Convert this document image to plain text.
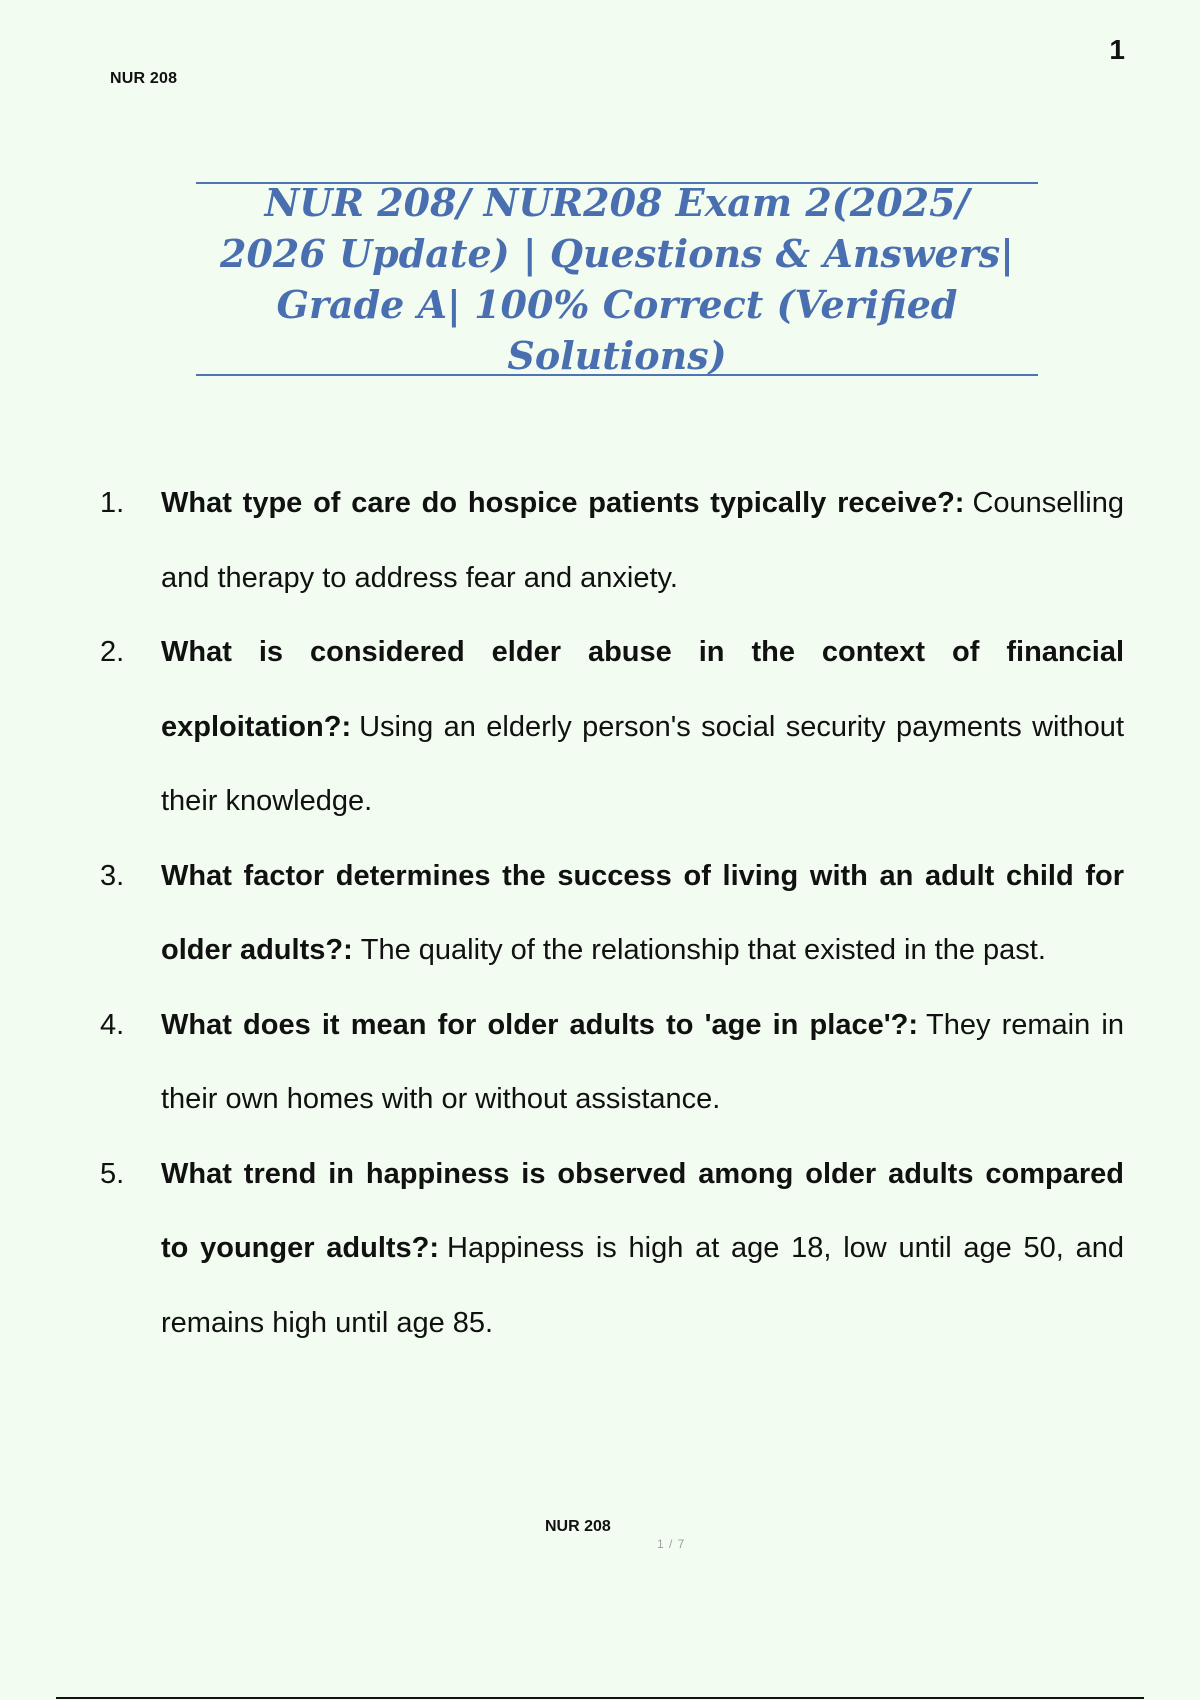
NUR 208
1
NUR 208/ NUR208 Exam 2(2025/ 2026 Update) | Questions & Answers| Grade A| 100% Correct (Verified Solutions)
1. What type of care do hospice patients typically receive?: Counselling and therapy to address fear and anxiety.
2. What is considered elder abuse in the context of financial exploitation?: Using an elderly person's social security payments without their knowledge.
3. What factor determines the success of living with an adult child for older adults?: The quality of the relationship that existed in the past.
4. What does it mean for older adults to 'age in place'?: They remain in their own homes with or without assistance.
5. What trend in happiness is observed among older adults compared to younger adults?: Happiness is high at age 18, low until age 50, and remains high until age 85.
NUR 208
1 / 7
